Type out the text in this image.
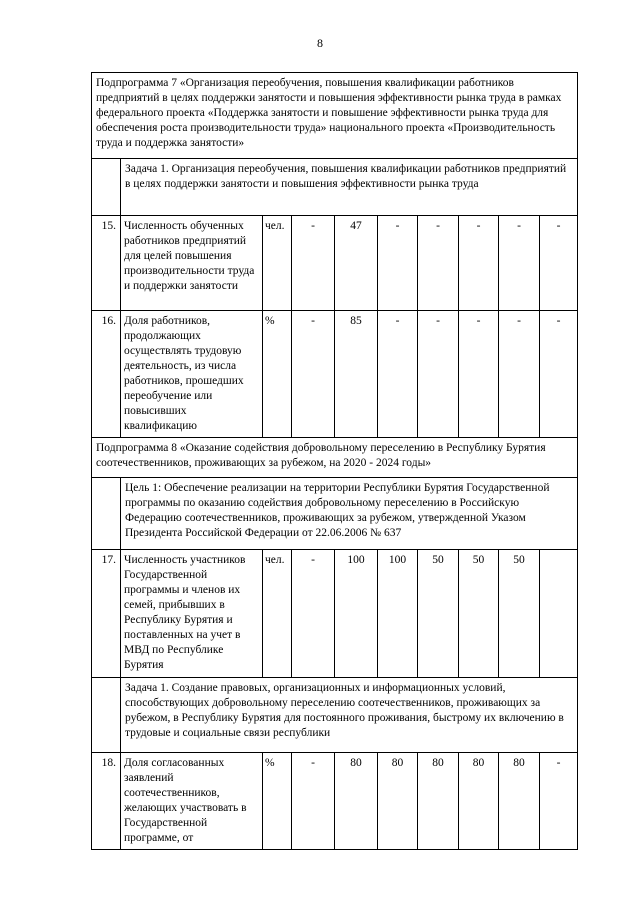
8
Подпрограмма 7 «Организация переобучения, повышения квалификации работников предприятий в целях поддержки занятости и повышения эффективности рынка труда в рамках федерального проекта «Поддержка занятости и повышение эффективности рынка труда для обеспечения роста производительности труда» национального проекта «Производительность труда и поддержка занятости»									
	Задача 1. Организация переобучения, повышения квалификации работников предприятий в целях поддержки занятости и повышения эффективности рынка труда								
15.	Численность обученных работников предприятий для целей повышения производительности труда и поддержки занятости	чел.	-	47	-	-	-	-	-
16.	Доля работников, продолжающих осуществлять трудовую деятельность, из числа работников, прошедших переобучение или повысивших квалификацию	%	-	85	-	-	-	-	-
Подпрограмма 8 «Оказание содействия добровольному переселению в Республику Бурятия соотечественников, проживающих за рубежом, на 2020 - 2024 годы»									
	Цель 1: Обеспечение реализации на территории Республики Бурятия Государственной программы по оказанию содействия добровольному переселению в Российскую Федерацию соотечественников, проживающих за рубежом, утвержденной Указом Президента Российской Федерации от 22.06.2006 № 637								
17.	Численность участников Государственной программы и членов их семей, прибывших в Республику Бурятия и поставленных на учет в МВД по Республике Бурятия	чел.	-	100	100	50	50	50	
	Задача 1. Создание правовых, организационных и информационных условий, способствующих добровольному переселению соотечественников, проживающих за рубежом, в Республику Бурятия для постоянного проживания, быстрому их включению в трудовые и социальные связи республики								
18.	Доля согласованных заявлений соотечественников, желающих участвовать в Государственной программе, от	%	-	80	80	80	80	80	-
